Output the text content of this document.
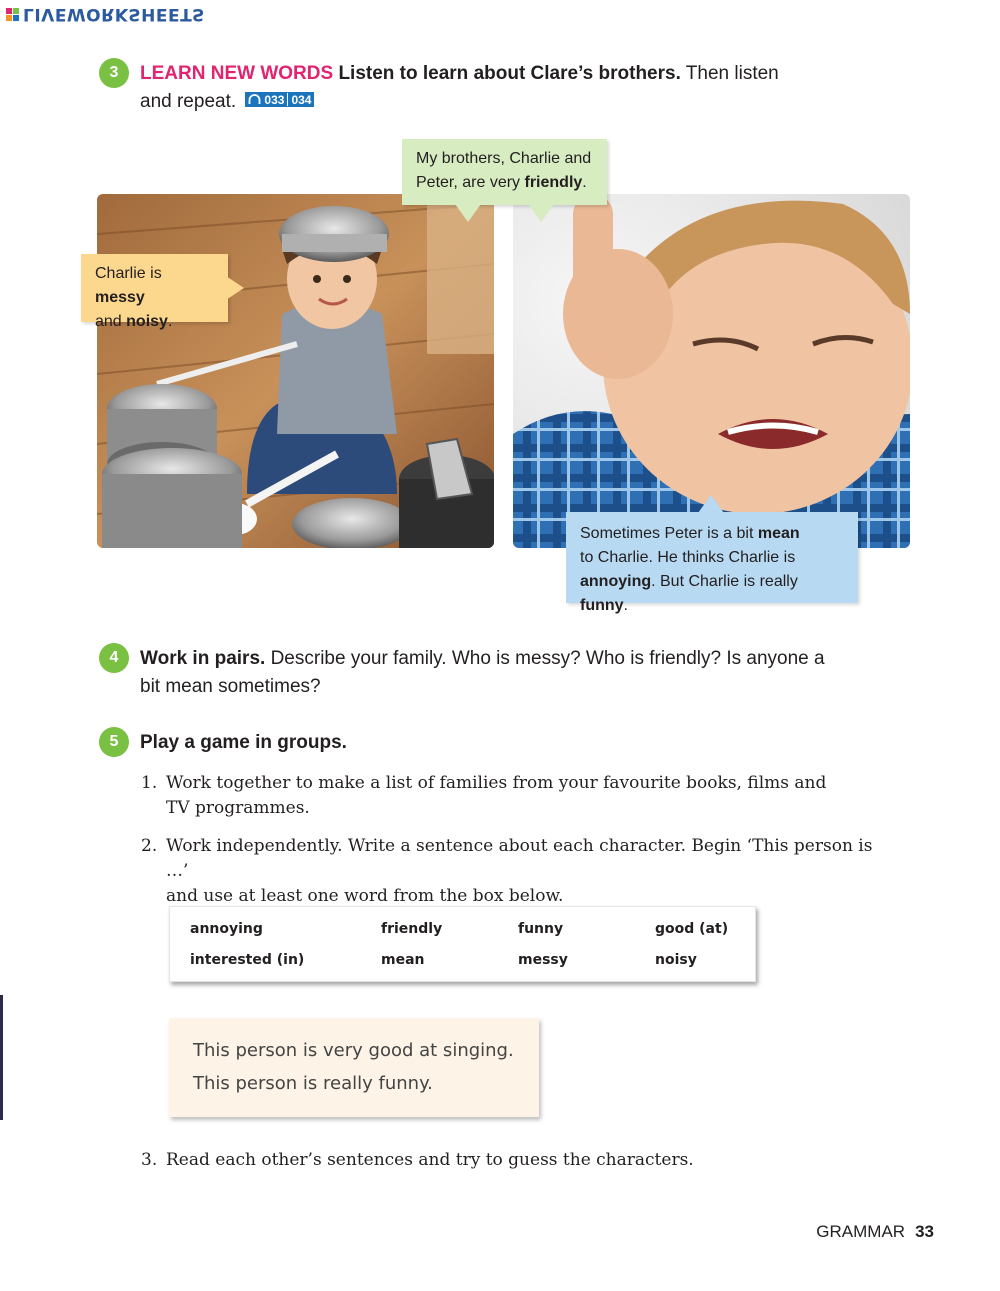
LIVEWORKSHEETS
3	LEARN NEW WORDS Listen to learn about Clare’s brothers. Then listen
and repeat. 033 034
Charlie is messy
and noisy.
My brothers, Charlie and
Peter, are very friendly.
Sometimes Peter is a bit mean
to Charlie. He thinks Charlie is
annoying. But Charlie is really funny.
4	Work in pairs. Describe your family. Who is messy? Who is friendly? Is anyone a
bit mean sometimes?
5	Play a game in groups.
1. Work together to make a list of families from your favourite books, films and
TV programmes.
2. Work independently. Write a sentence about each character. Begin ‘This person is …’
and use at least one word from the box below.
annoying	friendly	funny	good (at)
interested (in)	mean	messy	noisy
This person is very good at singing.
This person is really funny.
3. Read each other’s sentences and try to guess the characters.
GRAMMAR 33
